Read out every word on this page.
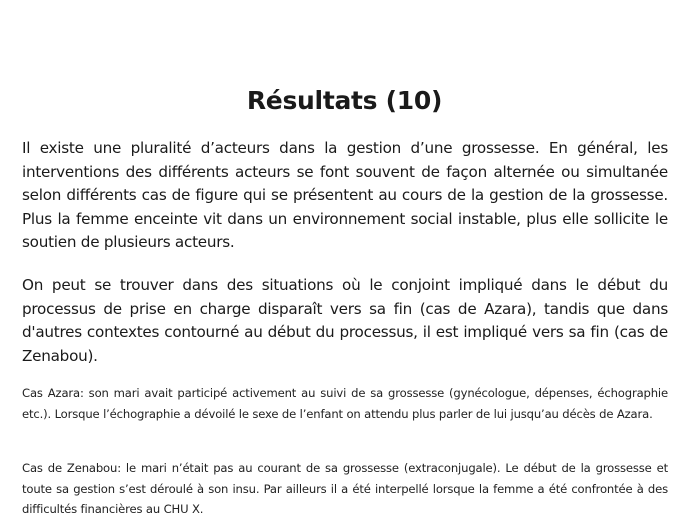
Résultats (10)

Il existe une pluralité d’acteurs dans la gestion d’une grossesse. En général, les interventions des différents acteurs se font souvent de façon alternée ou simultanée selon différents cas de figure qui se présentent au cours de la gestion de la grossesse. Plus la femme enceinte vit dans un environnement social instable, plus elle sollicite le soutien de plusieurs acteurs.

On peut se trouver dans des situations où le conjoint impliqué dans le début du processus de prise en charge disparaît vers sa fin (cas de Azara), tandis que dans d'autres contextes contourné au début du processus, il est impliqué vers sa fin (cas de Zenabou).

Cas Azara: son mari avait participé activement au suivi de sa grossesse (gynécologue, dépenses, échographie etc.). Lorsque l’échographie a dévoilé le sexe de l’enfant on attendu plus parler de lui jusqu’au décès de Azara.

Cas de Zenabou: le mari n’était pas au courant de sa grossesse (extraconjugale). Le début de la grossesse et toute sa gestion s’est déroulé à son insu. Par ailleurs il a été interpellé lorsque la femme a été confrontée à des difficultés financières au CHU X.
